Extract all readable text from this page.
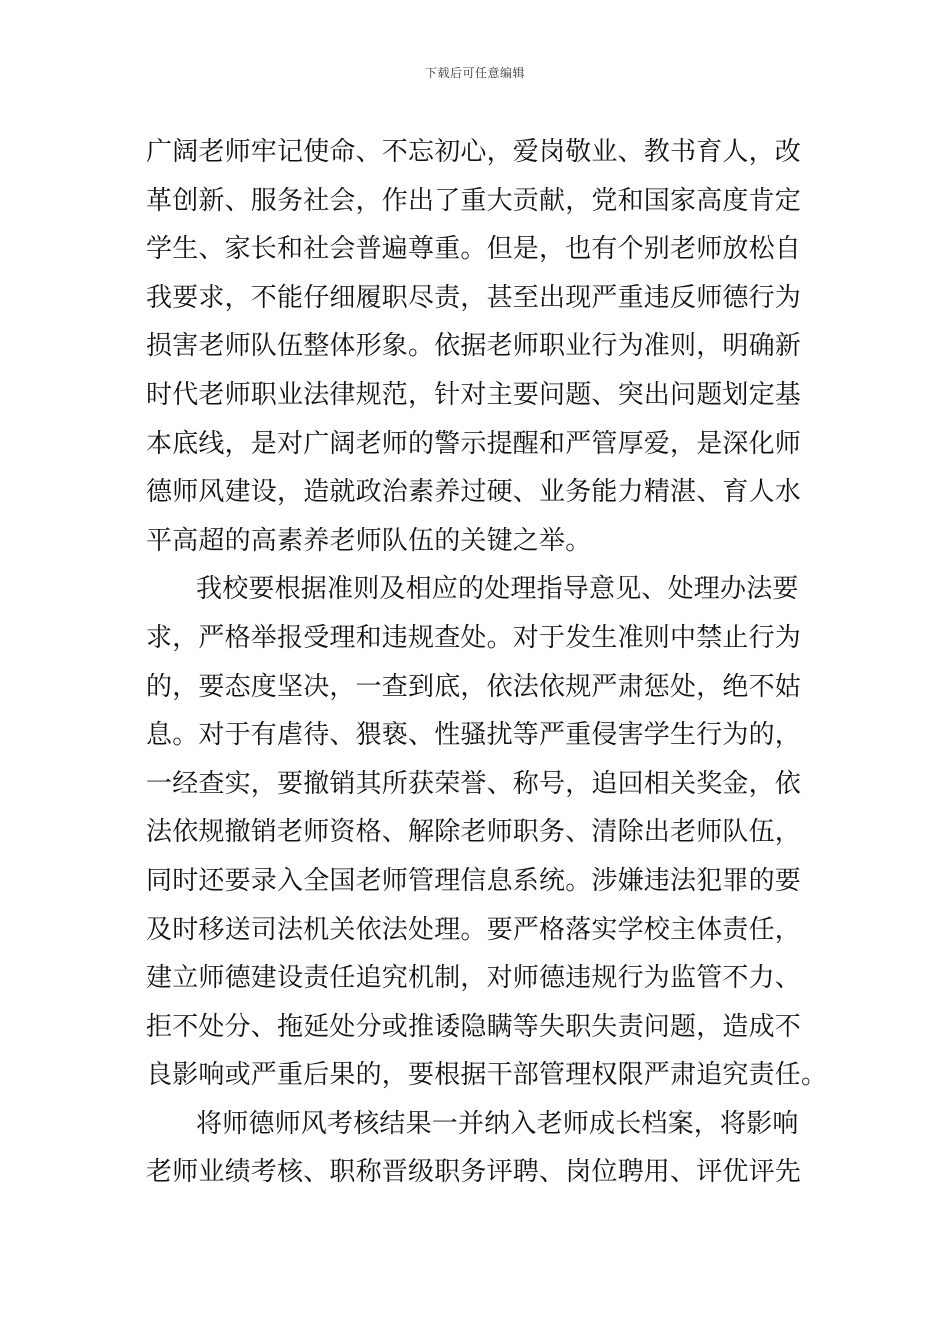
下载后可任意编辑
广阔老师牢记使命、不忘初心，爱岗敬业、教书育人，改
革创新、服务社会，作出了重大贡献，党和国家高度肯定
学生、家长和社会普遍尊重。但是，也有个别老师放松自
我要求，不能仔细履职尽责，甚至出现严重违反师德行为
损害老师队伍整体形象。依据老师职业行为准则，明确新
时代老师职业法律规范，针对主要问题、突出问题划定基
本底线，是对广阔老师的警示提醒和严管厚爱，是深化师
德师风建设，造就政治素养过硬、业务能力精湛、育人水
平高超的高素养老师队伍的关键之举。
我校要根据准则及相应的处理指导意见、处理办法要
求，严格举报受理和违规查处。对于发生准则中禁止行为
的，要态度坚决，一查到底，依法依规严肃惩处，绝不姑
息。对于有虐待、猥亵、性骚扰等严重侵害学生行为的，
一经查实，要撤销其所获荣誉、称号，追回相关奖金，依
法依规撤销老师资格、解除老师职务、清除出老师队伍，
同时还要录入全国老师管理信息系统。涉嫌违法犯罪的要
及时移送司法机关依法处理。要严格落实学校主体责任，
建立师德建设责任追究机制，对师德违规行为监管不力、
拒不处分、拖延处分或推诿隐瞒等失职失责问题，造成不
良影响或严重后果的，要根据干部管理权限严肃追究责任。
将师德师风考核结果一并纳入老师成长档案，将影响
老师业绩考核、职称晋级职务评聘、岗位聘用、评优评先
